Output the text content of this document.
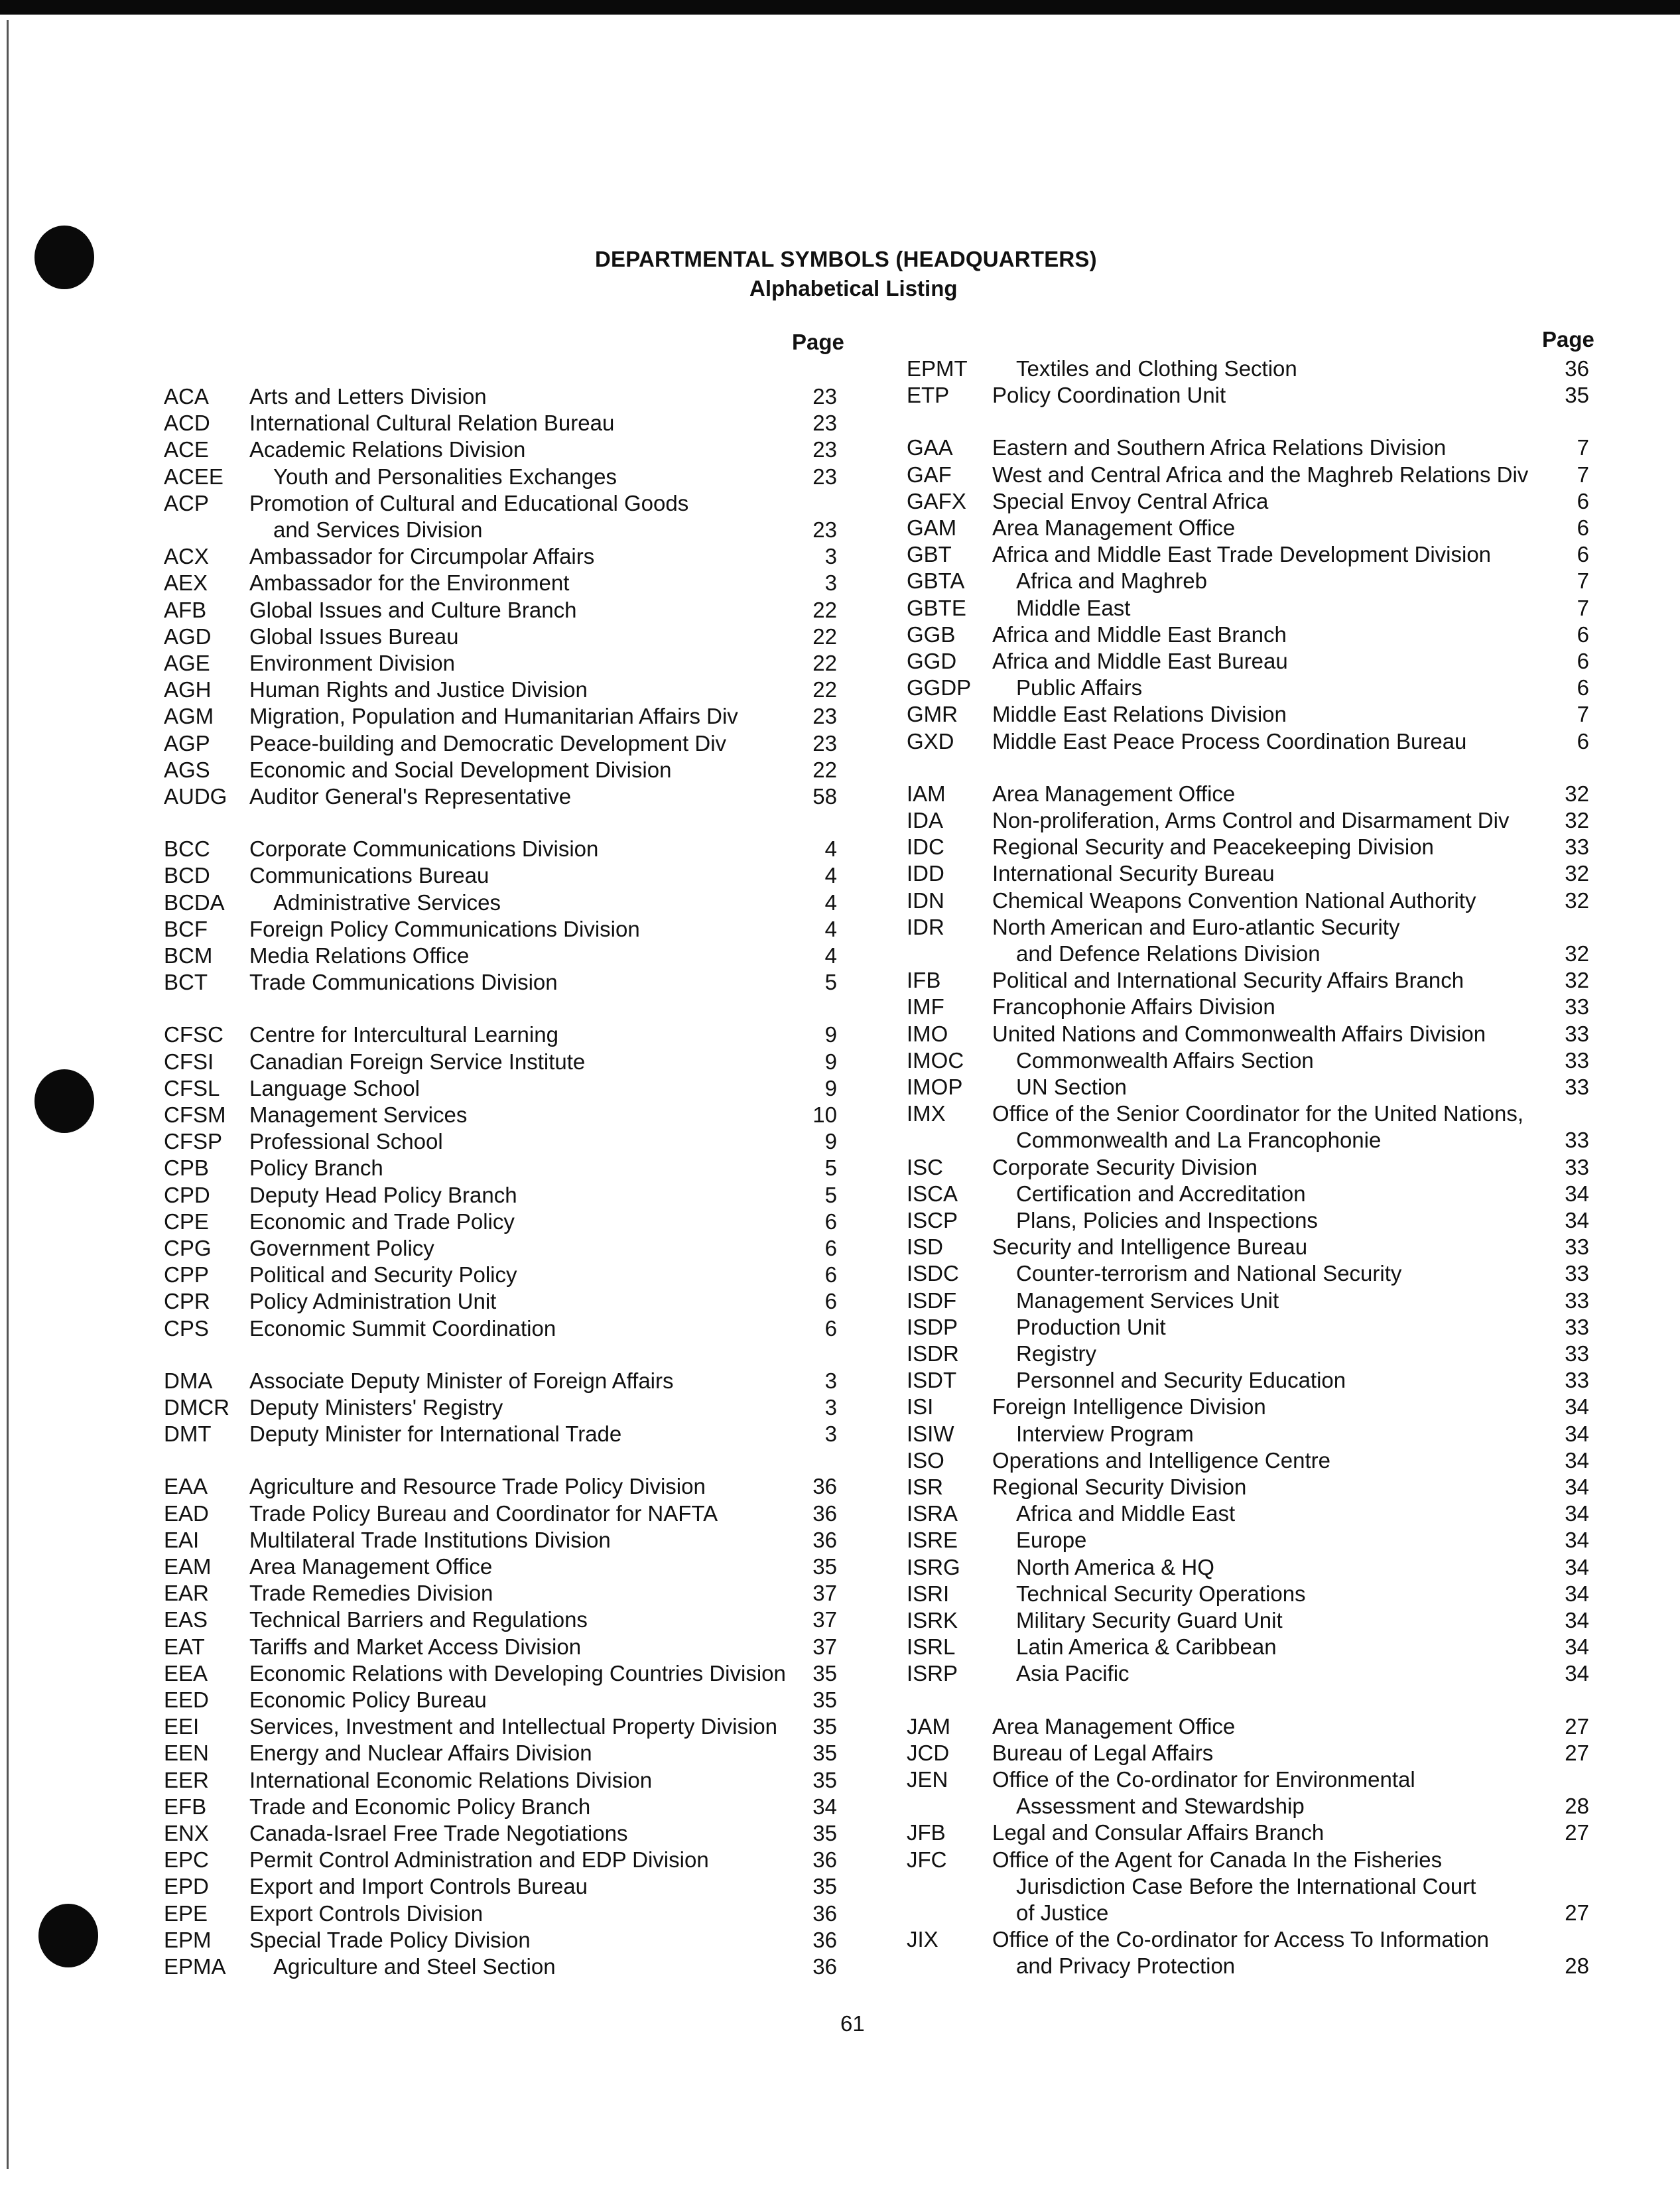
DEPARTMENTAL SYMBOLS (HEADQUARTERS)
Alphabetical Listing
Page	Page
ACA Arts and Letters Division	23
ACD International Cultural Relation Bureau	23
ACE Academic Relations Division	23
ACEE Youth and Personalities Exchanges	23
ACP Promotion of Cultural and Educational Goods
and Services Division	23
ACX Ambassador for Circumpolar Affairs	3
AEX Ambassador for the Environment	3
AFB Global Issues and Culture Branch	22
AGD Global Issues Bureau	22
AGE Environment Division	22
AGH Human Rights and Justice Division	22
AGM Migration, Population and Humanitarian Affairs Div	23
AGP Peace-building and Democratic Development Div	23
AGS Economic and Social Development Division	22
AUDG Auditor General's Representative	58
BCC Corporate Communications Division	4
BCD Communications Bureau	4
BCDA Administrative Services	4
BCF Foreign Policy Communications Division	4
BCM Media Relations Office	4
BCT Trade Communications Division	5
CFSC Centre for Intercultural Learning	9
CFSI Canadian Foreign Service Institute	9
CFSL Language School	9
CFSM Management Services	10
CFSP Professional School	9
CPB Policy Branch	5
CPD Deputy Head Policy Branch	5
CPE Economic and Trade Policy	6
CPG Government Policy	6
CPP Political and Security Policy	6
CPR Policy Administration Unit	6
CPS Economic Summit Coordination	6
DMA Associate Deputy Minister of Foreign Affairs	3
DMCR Deputy Ministers' Registry	3
DMT Deputy Minister for International Trade	3
EAA Agriculture and Resource Trade Policy Division	36
EAD Trade Policy Bureau and Coordinator for NAFTA	36
EAI Multilateral Trade Institutions Division	36
EAM Area Management Office	35
EAR Trade Remedies Division	37
EAS Technical Barriers and Regulations	37
EAT Tariffs and Market Access Division	37
EEA Economic Relations with Developing Countries Division 35
EED Economic Policy Bureau	35
EEI Services, Investment and Intellectual Property Division 35
EEN Energy and Nuclear Affairs Division	35
EER International Economic Relations Division	35
EFB Trade and Economic Policy Branch	34
ENX Canada-Israel Free Trade Negotiations	35
EPC Permit Control Administration and EDP Division	36
EPD Export and Import Controls Bureau	35
EPE Export Controls Division	36
EPM Special Trade Policy Division	36
EPMA Agriculture and Steel Section	36
EPMT Textiles and Clothing Section	36
ETP Policy Coordination Unit	35
GAA Eastern and Southern Africa Relations Division	7
GAF West and Central Africa and the Maghreb Relations Div 7
GAFX Special Envoy Central Africa	6
GAM Area Management Office	6
GBT Africa and Middle East Trade Development Division	6
GBTA Africa and Maghreb	7
GBTE Middle East	7
GGB Africa and Middle East Branch	6
GGD Africa and Middle East Bureau	6
GGDP Public Affairs	6
GMR Middle East Relations Division	7
GXD Middle East Peace Process Coordination Bureau	6
IAM Area Management Office	32
IDA Non-proliferation, Arms Control and Disarmament Div	32
IDC Regional Security and Peacekeeping Division	33
IDD International Security Bureau	32
IDN Chemical Weapons Convention National Authority	32
IDR North American and Euro-atlantic Security
and Defence Relations Division	32
IFB Political and International Security Affairs Branch	32
IMF Francophonie Affairs Division	33
IMO United Nations and Commonwealth Affairs Division	33
IMOC Commonwealth Affairs Section	33
IMOP UN Section	33
IMX Office of the Senior Coordinator for the United Nations,
Commonwealth and La Francophonie	33
ISC Corporate Security Division	33
ISCA	Certification and Accreditation	34
ISCP	Plans, Policies and Inspections	34
ISD Security and Intelligence Bureau	33
ISDC	Counter-terrorism and National Security	33
ISDF	Management Services Unit	33
ISDP	Production Unit	33
ISDR	Registry	33
ISDT	Personnel and Security Education	33
ISI	Foreign Intelligence Division	34
ISIW	Interview Program	34
ISO Operations and Intelligence Centre	34
ISR Regional Security Division	34
ISRA	Africa and Middle East	34
ISRE	Europe	34
ISRG	North America & HQ	34
ISRI	Technical Security Operations	34
ISRK	Military Security Guard Unit	34
ISRL	Latin America & Caribbean	34
ISRP	Asia Pacific	34
JAM Area Management Office	27
JCD Bureau of Legal Affairs	27
JEN Office of the Co-ordinator for Environmental
Assessment and Stewardship	28
JFB Legal and Consular Affairs Branch	27
JFC Office of the Agent for Canada In the Fisheries
Jurisdiction Case Before the International Court
of Justice	27
JIX Office of the Co-ordinator for Access To Information
and Privacy Protection	28
61
